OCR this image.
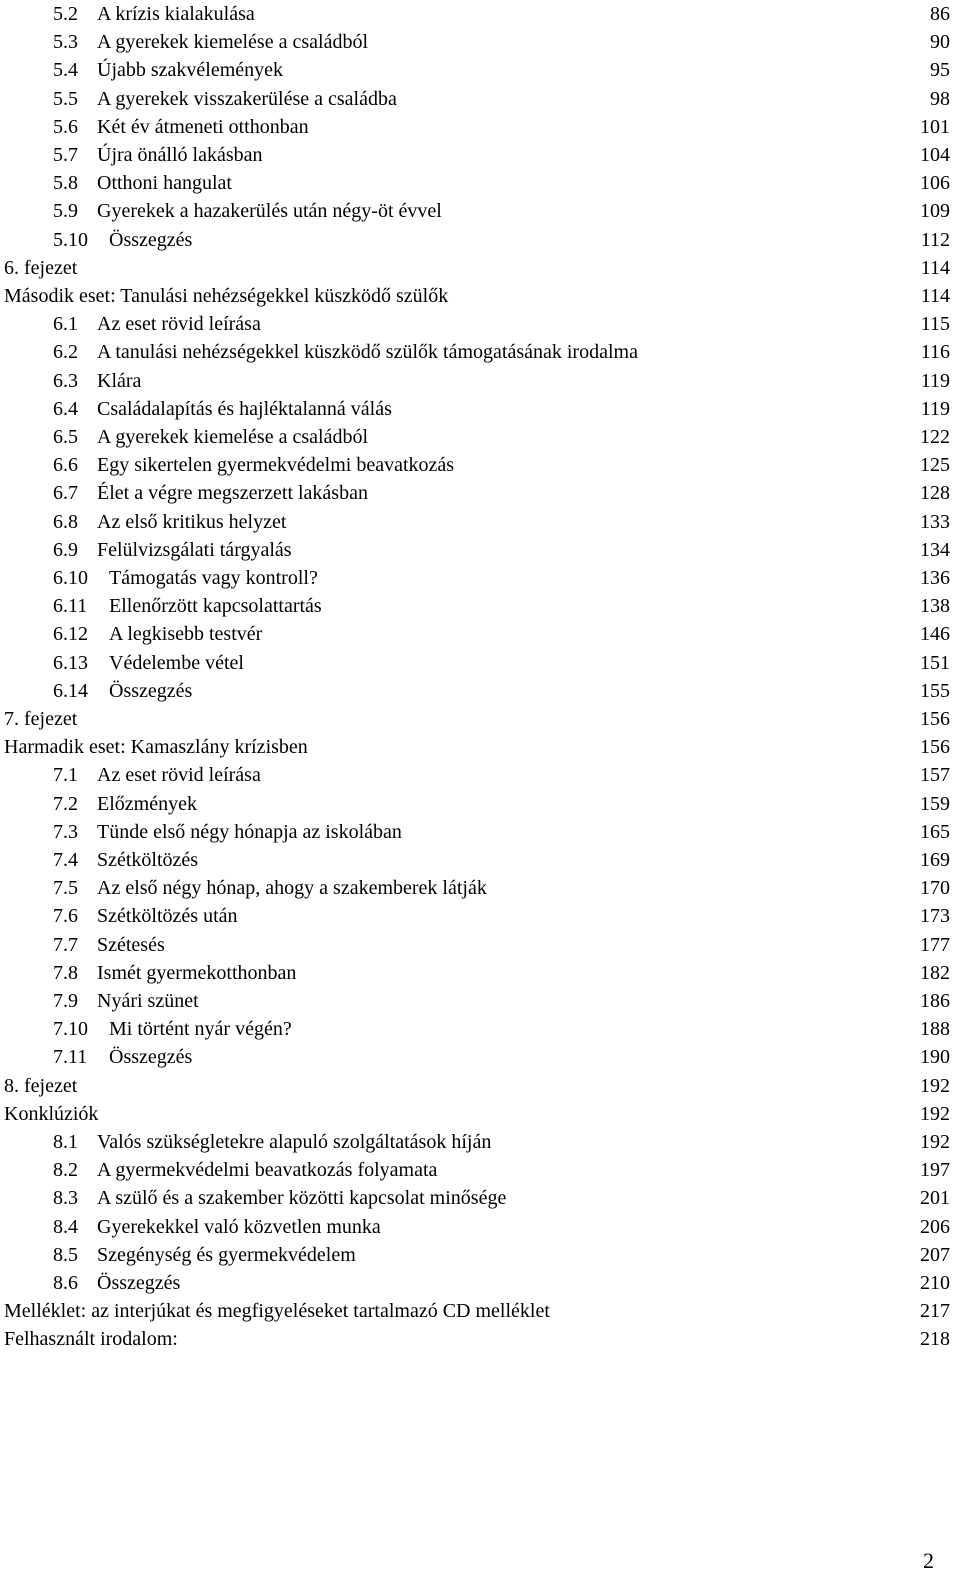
5.2 A krízis kialakulása	86
5.3 A gyerekek kiemelése a családból	90
5.4 Újabb szakvélemények	95
5.5 A gyerekek visszakerülése a családba	98
5.6 Két év átmeneti otthonban	101
5.7 Újra önálló lakásban	104
5.8 Otthoni hangulat	106
5.9 Gyerekek a hazakerülés után négy-öt évvel	109
5.10	Összegzés	112
6. fejezet	114
Második eset: Tanulási nehézségekkel küszködő szülők	114
6.1 Az eset rövid leírása	115
6.2 A tanulási nehézségekkel küszködő szülők támogatásának irodalma	116
6.3 Klára	119
6.4 Családalapítás és hajléktalanná válás	119
6.5 A gyerekek kiemelése a családból	122
6.6 Egy sikertelen gyermekvédelmi beavatkozás	125
6.7 Élet a végre megszerzett lakásban	128
6.8 Az első kritikus helyzet	133
6.9 Felülvizsgálati tárgyalás	134
6.10	Támogatás vagy kontroll?	136
6.11	Ellenőrzött kapcsolattartás	138
6.12	A legkisebb testvér	146
6.13	Védelembe vétel	151
6.14	Összegzés	155
7. fejezet	156
Harmadik eset: Kamaszlány krízisben	156
7.1 Az eset rövid leírása	157
7.2 Előzmények	159
7.3 Tünde első négy hónapja az iskolában	165
7.4 Szétköltözés	169
7.5 Az első négy hónap, ahogy a szakemberek látják	170
7.6 Szétköltözés után	173
7.7 Szétesés	177
7.8 Ismét gyermekotthonban	182
7.9 Nyári szünet	186
7.10	Mi történt nyár végén?	188
7.11	Összegzés	190
8. fejezet	192
Konklúziók	192
8.1 Valós szükségletekre alapuló szolgáltatások híján	192
8.2 A gyermekvédelmi beavatkozás folyamata	197
8.3 A szülő és a szakember közötti kapcsolat minősége	201
8.4 Gyerekekkel való közvetlen munka	206
8.5 Szegénység és gyermekvédelem	207
8.6 Összegzés	210
Melléklet: az interjúkat és megfigyeléseket tartalmazó CD melléklet	217
Felhasznált irodalom:	218
2
